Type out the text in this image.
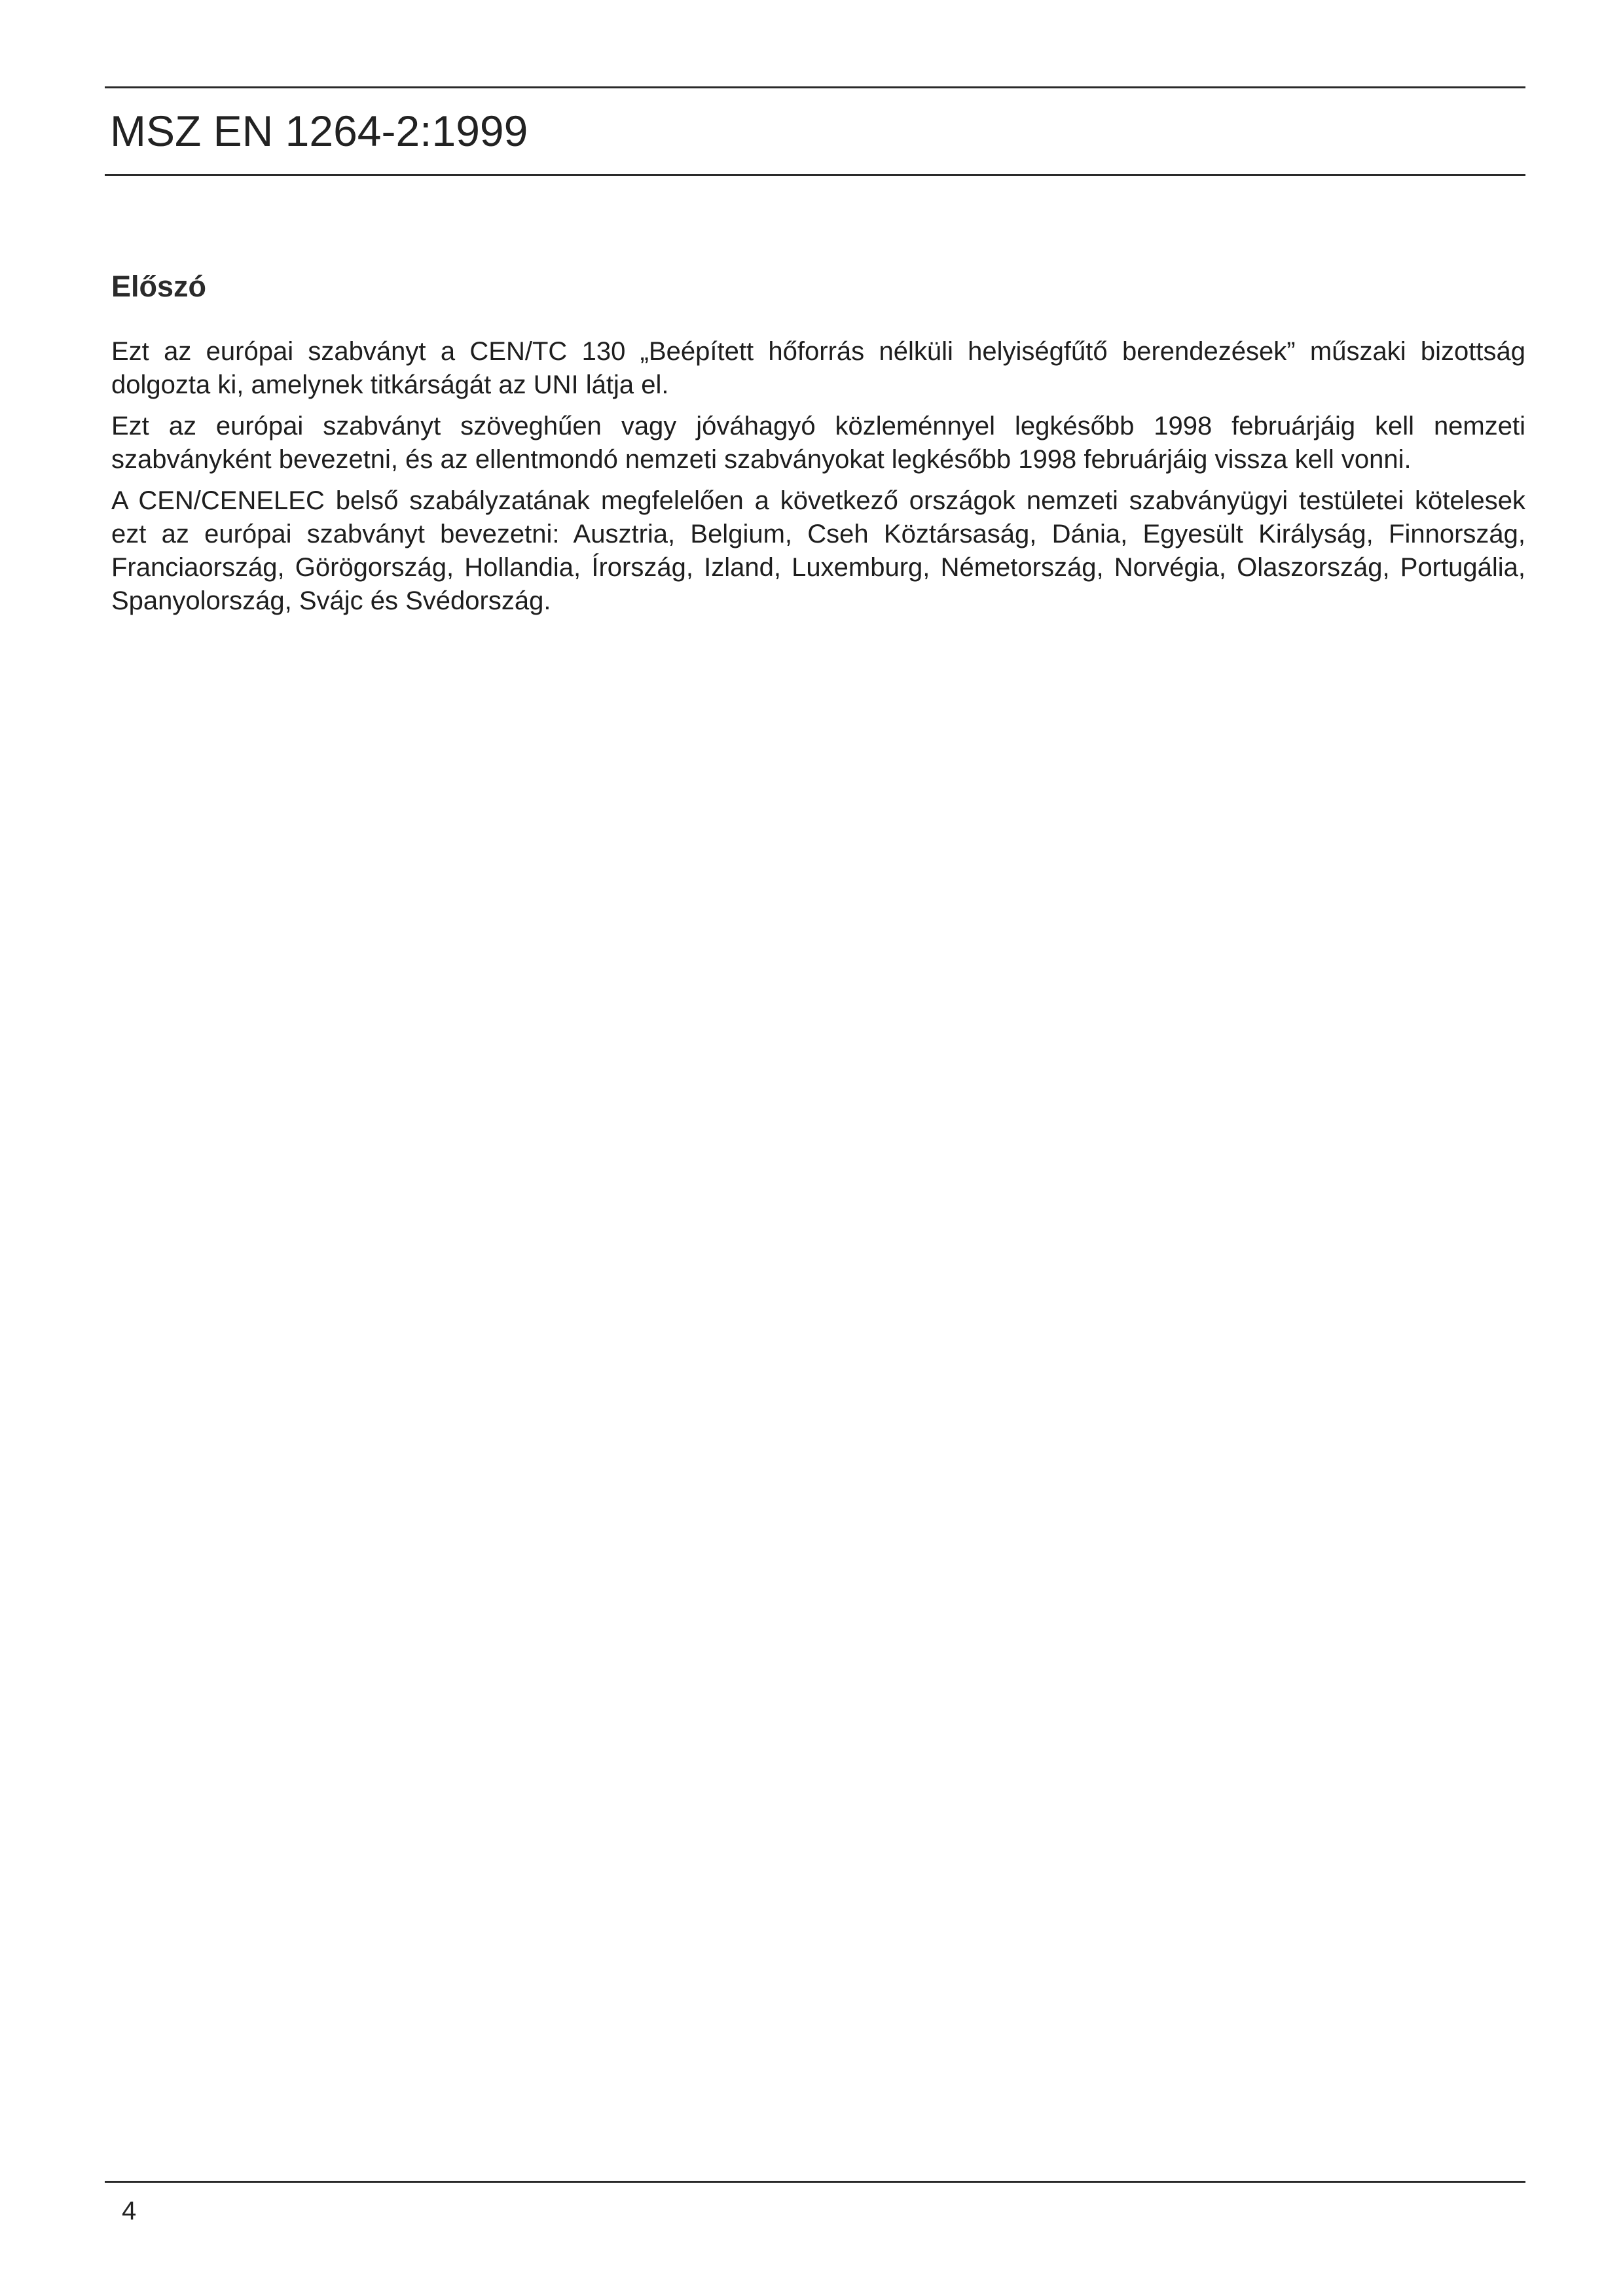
MSZ EN 1264-2:1999
Előszó

Ezt az európai szabványt a CEN/TC 130 „Beépített hőforrás nélküli helyiségfűtő berendezések” műszaki bizottság dolgozta ki, amelynek titkárságát az UNI látja el.

Ezt az európai szabványt szöveghűen vagy jóváhagyó közleménnyel legkésőbb 1998 februárjáig kell nemzeti szabványként bevezetni, és az ellentmondó nemzeti szabványokat legkésőbb 1998 februárjáig vissza kell vonni.

A CEN/CENELEC belső szabályzatának megfelelően a következő országok nemzeti szabványügyi testületei kötelesek ezt az európai szabványt bevezetni: Ausztria, Belgium, Cseh Köztársaság, Dánia, Egyesült Királyság, Finnország, Franciaország, Görögország, Hollandia, Írország, Izland, Luxemburg, Németország, Norvégia, Olaszország, Portugália, Spanyolország, Svájc és Svédország.

4
